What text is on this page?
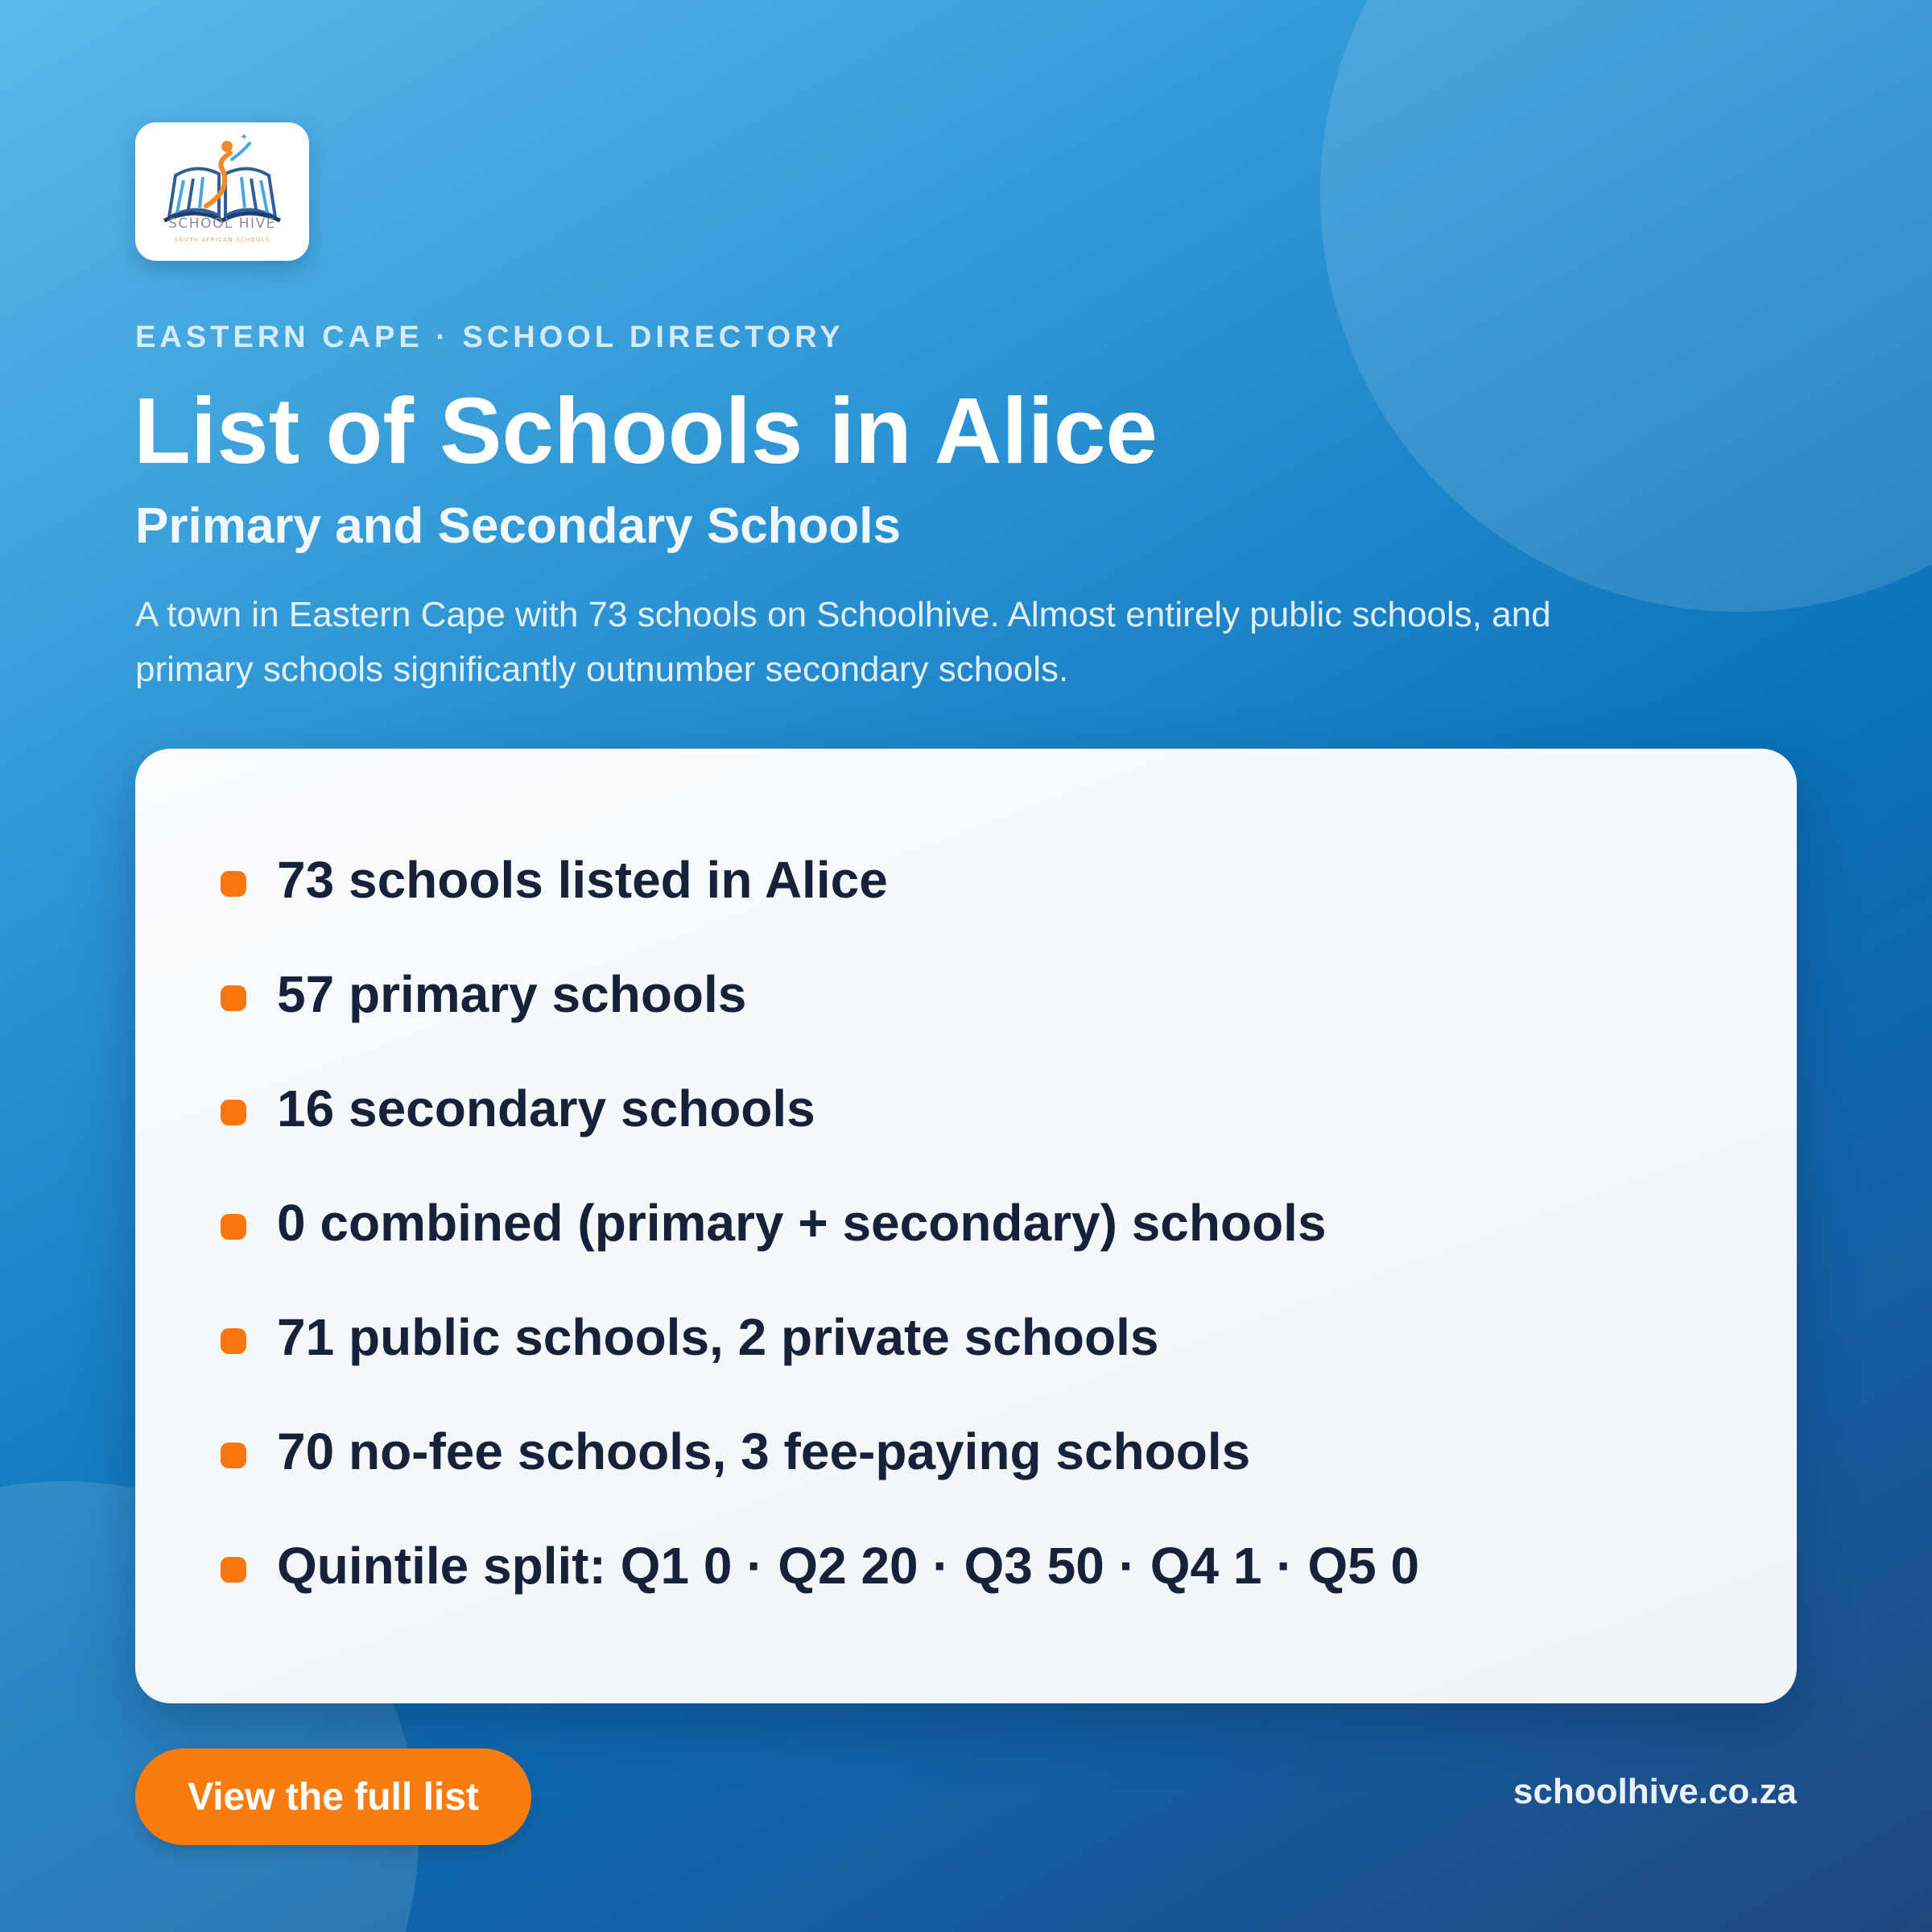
✦
SCHOOL HIVE
SOUTH AFRICAN SCHOOLS
EASTERN CAPE · SCHOOL DIRECTORY
List of Schools in Alice
Primary and Secondary Schools
A town in Eastern Cape with 73 schools on Schoolhive. Almost entirely public schools, and primary schools significantly outnumber secondary schools.
73 schools listed in Alice
57 primary schools
16 secondary schools
0 combined (primary + secondary) schools
71 public schools, 2 private schools
70 no-fee schools, 3 fee-paying schools
Quintile split: Q1 0 · Q2 20 · Q3 50 · Q4 1 · Q5 0
View the full list	schoolhive.co.za
